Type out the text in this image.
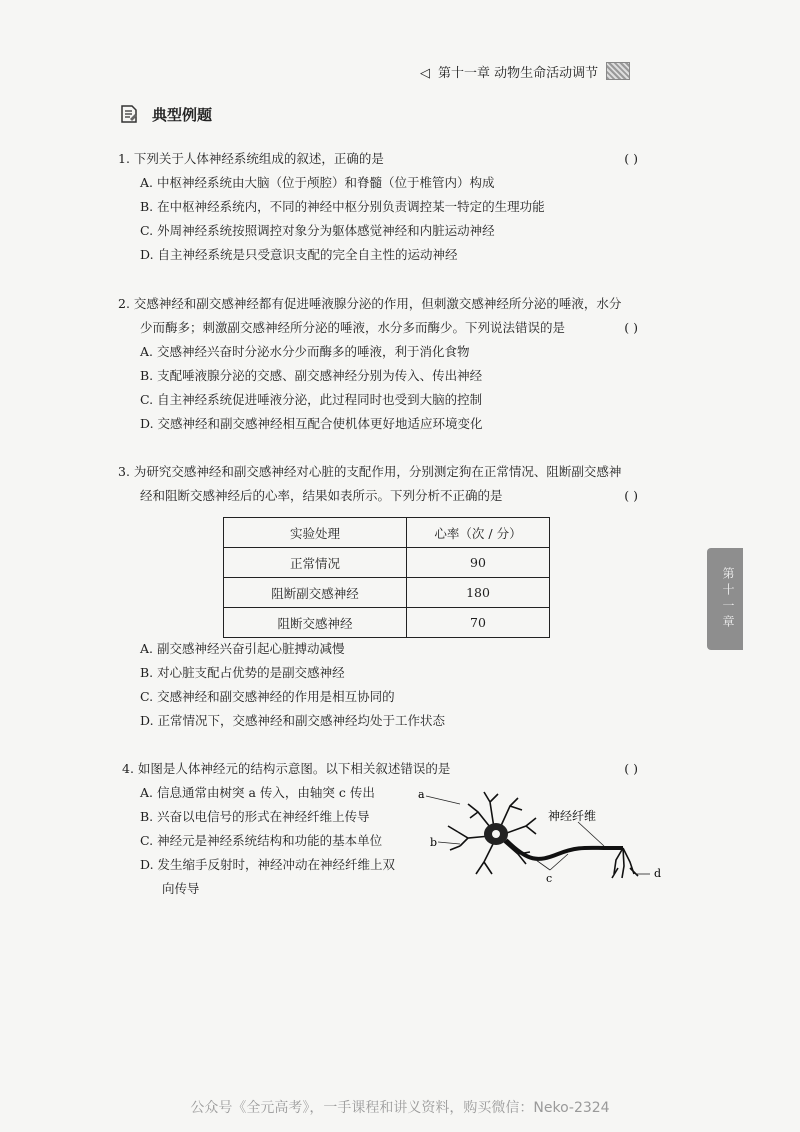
◁ 第十一章 动物生命活动调节
典型例题
1. 下列关于人体神经系统组成的叙述，正确的是	( )
A. 中枢神经系统由大脑（位于颅腔）和脊髓（位于椎管内）构成
B. 在中枢神经系统内，不同的神经中枢分别负责调控某一特定的生理功能
C. 外周神经系统按照调控对象分为躯体感觉神经和内脏运动神经
D. 自主神经系统是只受意识支配的完全自主性的运动神经
2. 交感神经和副交感神经都有促进唾液腺分泌的作用，但刺激交感神经所分泌的唾液，水分
少而酶多；刺激副交感神经所分泌的唾液，水分多而酶少。下列说法错误的是	( )
A. 交感神经兴奋时分泌水分少而酶多的唾液，利于消化食物
B. 支配唾液腺分泌的交感、副交感神经分别为传入、传出神经
C. 自主神经系统促进唾液分泌，此过程同时也受到大脑的控制
D. 交感神经和副交感神经相互配合使机体更好地适应环境变化
3. 为研究交感神经和副交感神经对心脏的支配作用，分别测定狗在正常情况、阻断副交感神
经和阻断交感神经后的心率，结果如表所示。下列分析不正确的是	( )
实验处理	心率（次 / 分）
正常情况	90
阻断副交感神经	180
阻断交感神经	70
A. 副交感神经兴奋引起心脏搏动减慢
B. 对心脏支配占优势的是副交感神经
C. 交感神经和副交感神经的作用是相互协同的
D. 正常情况下，交感神经和副交感神经均处于工作状态
4. 如图是人体神经元的结构示意图。以下相关叙述错误的是	( )
A. 信息通常由树突 a 传入，由轴突 c 传出
B. 兴奋以电信号的形式在神经纤维上传导
C. 神经元是神经系统结构和功能的基本单位
D. 发生缩手反射时，神经冲动在神经纤维上双
向传导
a
b
c	d
神经纤维
第十一章
公众号《全元高考》，一手课程和讲义资料，购买微信：Neko-2324
